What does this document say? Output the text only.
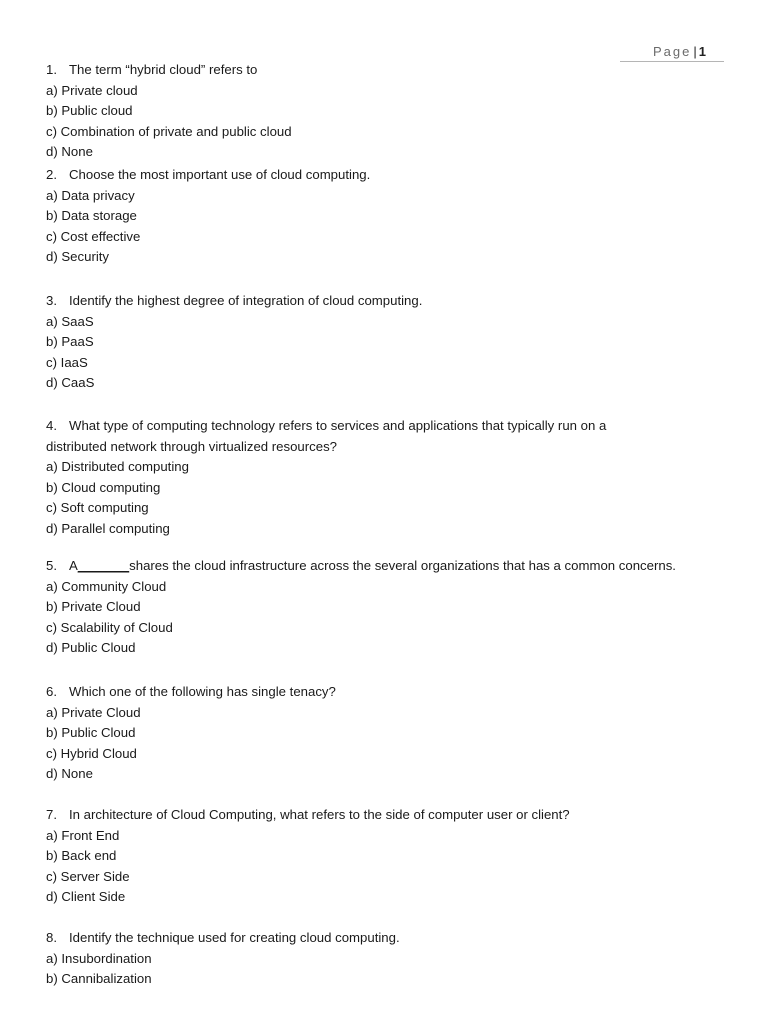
Page | 1
1. The term “hybrid cloud” refers to
a) Private cloud
b) Public cloud
c) Combination of private and public cloud
d) None
2. Choose the most important use of cloud computing.
a) Data privacy
b) Data storage
c) Cost effective
d) Security
3. Identify the highest degree of integration of cloud computing.
a) SaaS
b) PaaS
c) IaaS
d) CaaS
4. What type of computing technology refers to services and applications that typically run on a
distributed network through virtualized resources?
a) Distributed computing
b) Cloud computing
c) Soft computing
d) Parallel computing
5. A_______shares the cloud infrastructure across the several organizations that has a common concerns.
a) Community Cloud
b) Private Cloud
c) Scalability of Cloud
d) Public Cloud
6. Which one of the following has single tenacy?
a) Private Cloud
b) Public Cloud
c) Hybrid Cloud
d) None
7. In architecture of Cloud Computing, what refers to the side of computer user or client?
a) Front End
b) Back end
c) Server Side
d) Client Side
8. Identify the technique used for creating cloud computing.
a) Insubordination
b) Cannibalization
